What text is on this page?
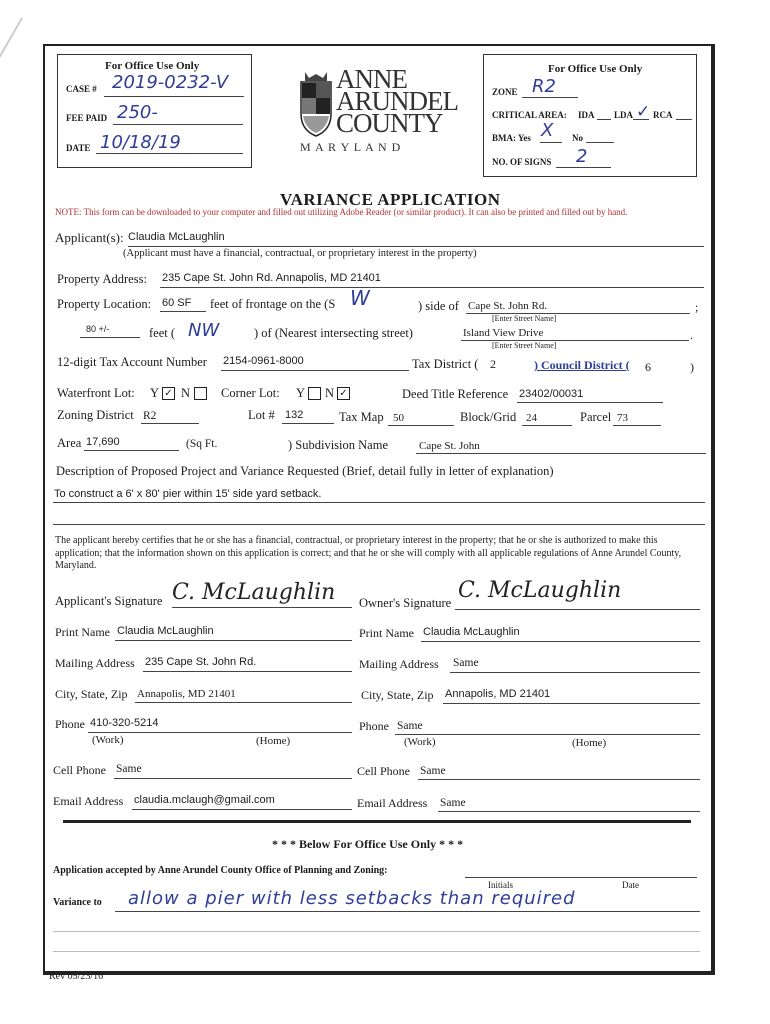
For Office Use Only
CASE # 2019-0232-V
FEE PAID 250-
DATE 10/18/19
ANNE
ARUNDEL
COUNTY
M A R Y L A N D
For Office Use Only
ZONE R2
CRITICAL AREA: IDA LDA ✓ RCA
BMA: Yes X No
NO. OF SIGNS 2
VARIANCE APPLICATION
NOTE: This form can be downloaded to your computer and filled out utilizing Adobe Reader (or similar product). It can also be printed and filled out by hand.
Applicant(s): Claudia McLaughlin
(Applicant must have a financial, contractual, or proprietary interest in the property)
Property Address: 235 Cape St. John Rd. Annapolis, MD 21401
Property Location: 60 SF feet of frontage on the (S W	) side of Cape St. John Rd.	;
[Enter Street Name]
80 +/-	feet ( NW	) of (Nearest intersecting street)	Island View Drive	.
[Enter Street Name]
12-digit Tax Account Number 2154-0961-8000	Tax District ( 2	) Council District ( 6	)
Waterfront Lot: Y ✓ N Corner Lot: Y N ✓	Deed Title Reference 23402/00031
Zoning District R2	Lot # 132	Tax Map 50	Block/Grid 24	Parcel 73
Area 17,690	(Sq Ft.	) Subdivision Name	Cape St. John
Description of Proposed Project and Variance Requested (Brief, detail fully in letter of explanation)
To construct a 6' x 80' pier within 15' side yard setback.
The applicant hereby certifies that he or she has a financial, contractual, or proprietary interest in the property; that he or she is authorized to make this application; that the information shown on this application is correct; and that he or she will comply with all applicable regulations of Anne Arundel County, Maryland.
Applicant's Signature C. McLaughlin Owner's Signature C. McLaughlin
Print Name Claudia McLaughlin	Print Name Claudia McLaughlin
Mailing Address 235 Cape St. John Rd.	Mailing Address Same
City, State, Zip Annapolis, MD 21401	City, State, Zip Annapolis, MD 21401
Phone 410-320-5214
(Work)	(Home)
Phone Same
(Work)	(Home)
Cell Phone Same	Cell Phone Same
Email Address claudia.mclaugh@gmail.com	Email Address Same
* * * Below For Office Use Only * * *
Application accepted by Anne Arundel County Office of Planning and Zoning:
Initials	Date
Variance to allow a pier with less setbacks than required
Rev 05/23/16
